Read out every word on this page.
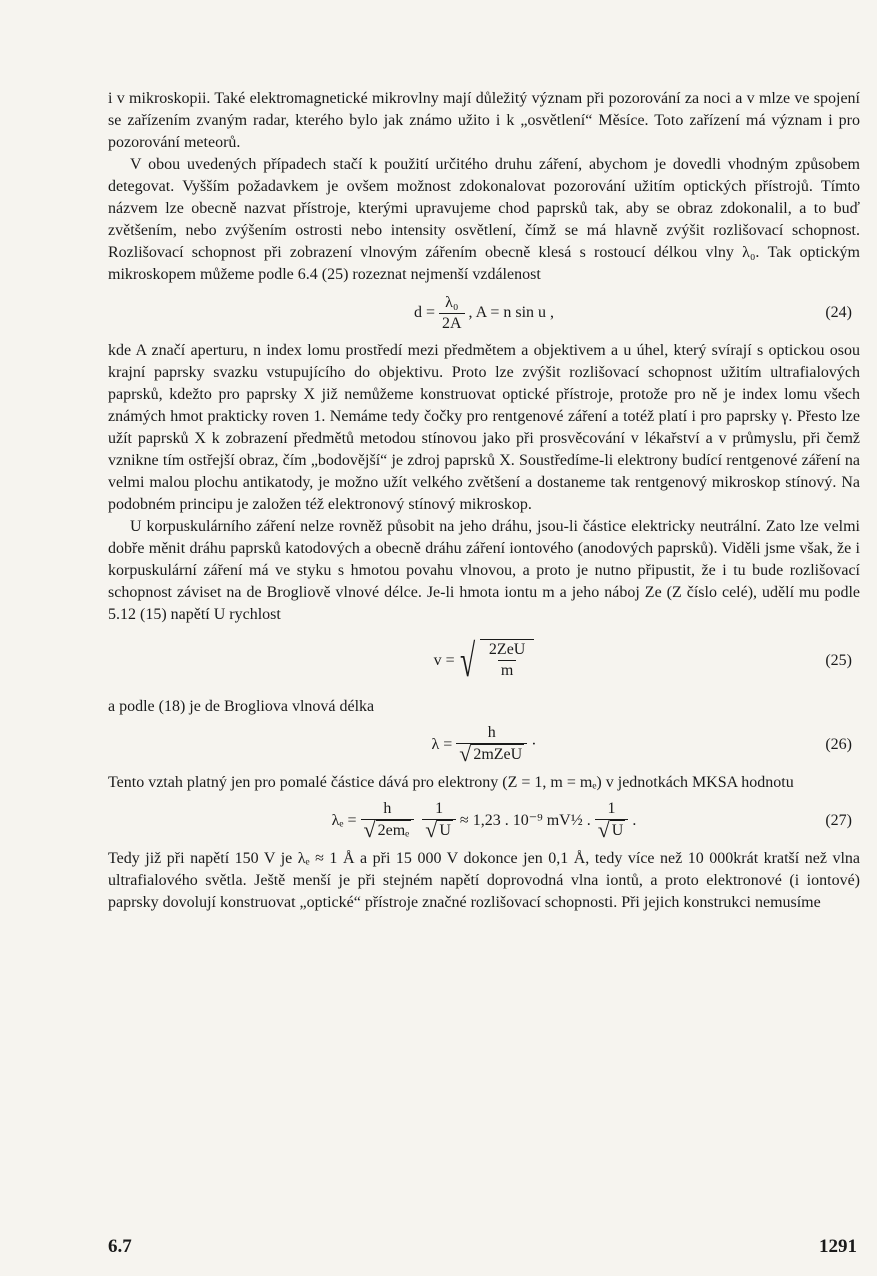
i v mikroskopii. Také elektromagnetické mikrovlny mají důležitý význam při pozorování za noci a v mlze ve spojení se zařízením zvaným radar, kterého bylo jak známo užito i k „osvětlení“ Měsíce. Toto zařízení má význam i pro pozorování meteorů.

V obou uvedených případech stačí k použití určitého druhu záření, abychom je dovedli vhodným způsobem detegovat. Vyšším požadavkem je ovšem možnost zdokonalovat pozorování užitím optických přístrojů. Tímto názvem lze obecně nazvat přístroje, kterými upravujeme chod paprsků tak, aby se obraz zdokonalil, a to buď zvětšením, nebo zvýšením ostrosti nebo intensity osvětlení, čímž se má hlavně zvýšit rozlišovací schopnost. Rozlišovací schopnost při zobrazení vlnovým zářením obecně klesá s rostoucí délkou vlny λ₀. Tak optickým mikroskopem můžeme podle 6.4 (25) rozeznat nejmenší vzdálenost

$d = \frac{\text{λ₀}}{2A}$ , A = n sin u ,	(24)

kde A značí aperturu, n index lomu prostředí mezi předmětem a objektivem a u úhel, který svírají s optickou osou krajní paprsky svazku vstupujícího do objektivu. Proto lze zvýšit rozlišovací schopnost užitím ultrafialových paprsků, kdežto pro paprsky X již nemůžeme konstruovat optické přístroje, protože pro ně je index lomu všech známých hmot prakticky roven 1. Nemáme tedy čočky pro rentgenové záření a totéž platí i pro paprsky γ. Přesto lze užít paprsků X k zobrazení předmětů metodou stínovou jako při prosvěcování v lékařství a v průmyslu, při čemž vznikne tím ostřejší obraz, čím „bodovější“ je zdroj paprsků X. Soustředíme-li elektrony budící rentgenové záření na velmi malou plochu antikatody, je možno užít velkého zvětšení a dostaneme tak rentgenový mikroskop stínový. Na podobném principu je založen též elektronový stínový mikroskop.

U korpuskulárního záření nelze rovněž působit na jeho dráhu, jsou-li částice elektricky neutrální. Zato lze velmi dobře měnit dráhu paprsků katodových a obecně dráhu záření iontového (anodových paprsků). Viděli jsme však, že i korpuskulární záření má ve styku s hmotou povahu vlnovou, a proto je nutno připustit, že i tu bude rozlišovací schopnost záviset na de Brogliově vlnové délce. Je-li hmota iontu m a jeho náboj Ze (Z číslo celé), udělí mu podle 5.12 (15) napětí U rychlost

v = √ $\frac{\text{2ZeU}}{m}$	(25)

a podle (18) je de Brogliova vlnová délka

$\lambda = \frac{h}{\text{√ 2mZeU}}$ ·	(26)

Tento vztah platný jen pro pomalé částice dává pro elektrony (Z = 1, m = mₑ) v jednotkách MKSA hodnotu

$\lambda_e = \frac{h}{\text{√ 2emₑ}} \frac{1}{√ U} \approx 1,23$ . 10⁻⁹ mV½ . $\frac{1}{√ U}$ .	(27)

Tedy již při napětí 150 V je λₑ ≈ 1 Å a při 15 000 V dokonce jen 0,1 Å, tedy více než 10 000krát kratší než vlna ultrafialového světla. Ještě menší je při stejném napětí doprovodná vlna iontů, a proto elektronové (i iontové) paprsky dovolují konstruovat „optické“ přístroje značné rozlišovací schopnosti. Při jejich konstrukci nemusíme

6.7	1291
